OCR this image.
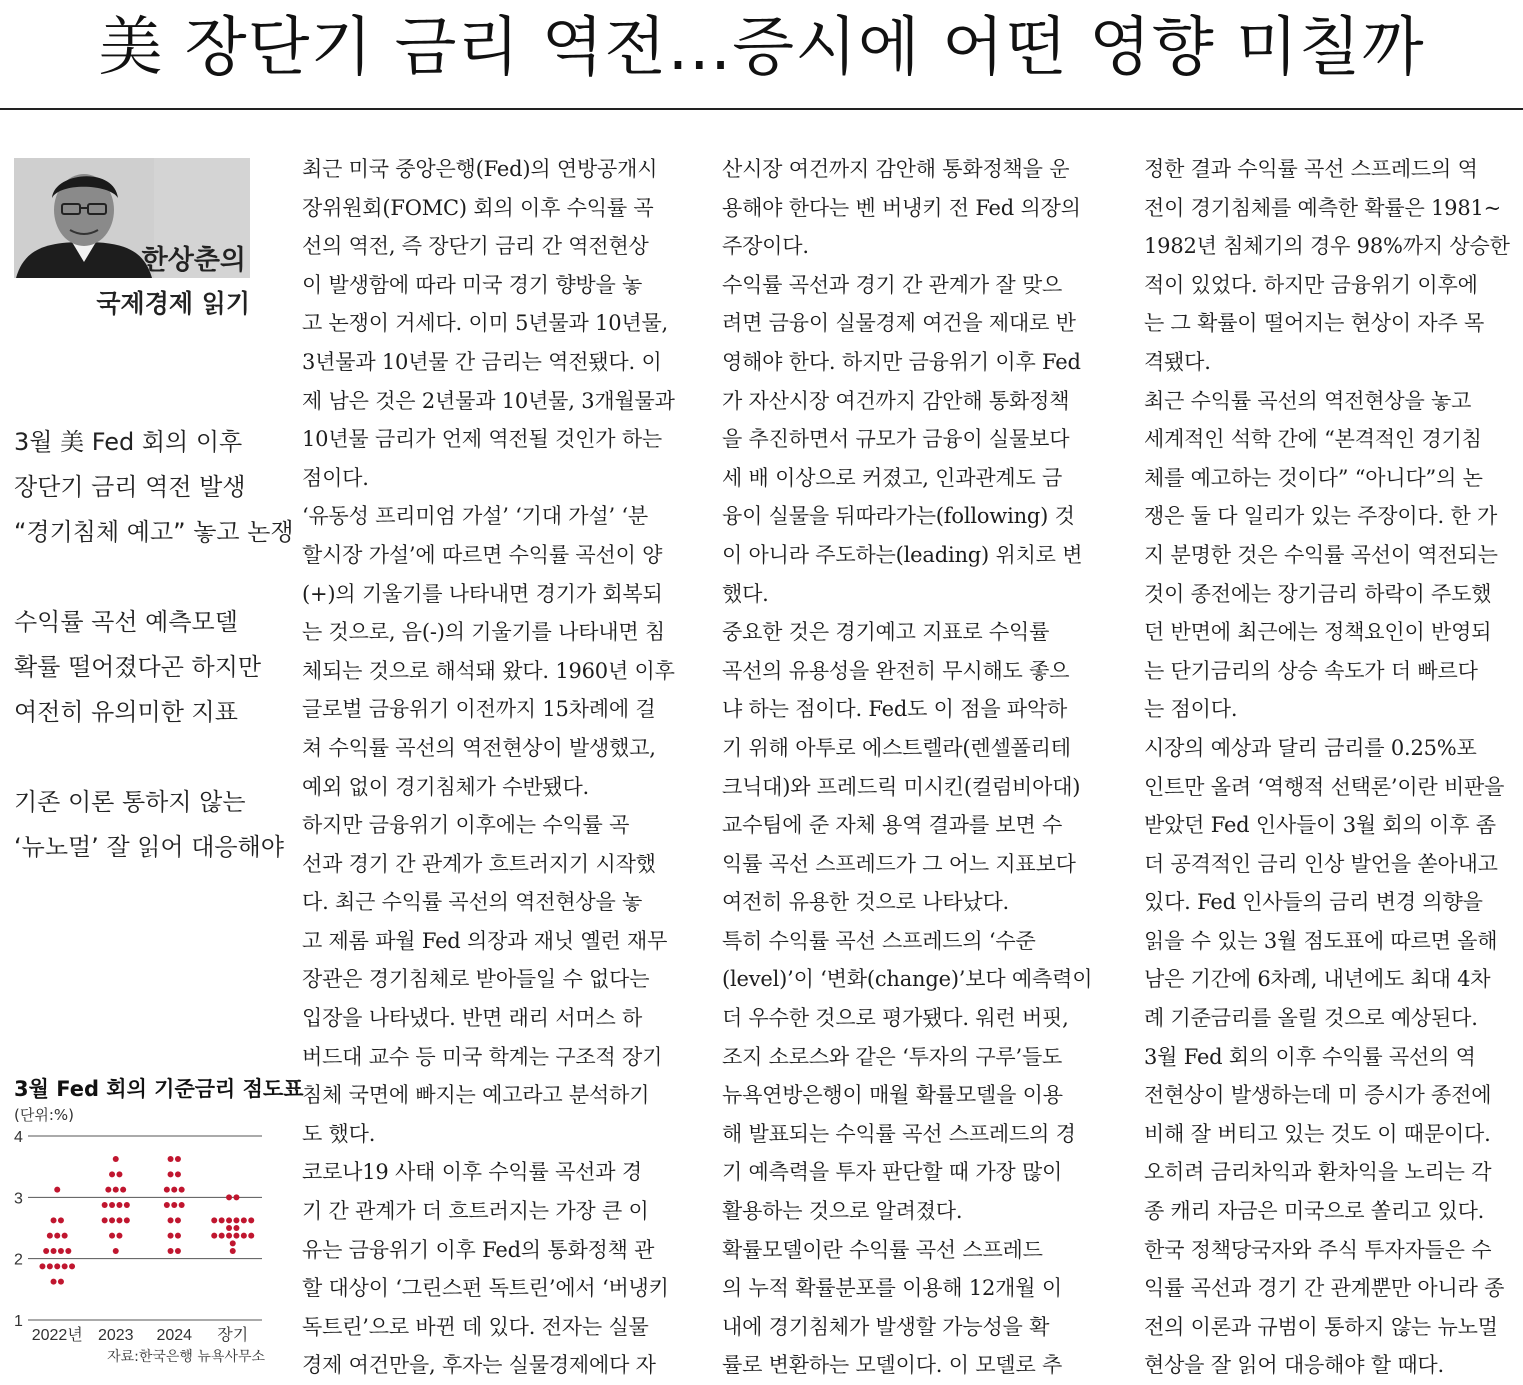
美 장단기 금리 역전…증시에 어떤 영향 미칠까
한상춘의
국제경제 읽기
3월 美 Fed 회의 이후
장단기 금리 역전 발생
“경기침체 예고” 놓고 논쟁
수익률 곡선 예측모델
확률 떨어졌다곤 하지만
여전히 유의미한 지표
기존 이론 통하지 않는
‘뉴노멀’ 잘 읽어 대응해야
3월 Fed 회의 기준금리 점도표
(단위:%)
1
2
3
4
2022년 2023 2024 장기
자료:한국은행 뉴욕사무소
최근 미국 중앙은행(Fed)의 연방공개시
장위원회(FOMC) 회의 이후 수익률 곡
선의 역전, 즉 장단기 금리 간 역전현상
이 발생함에 따라 미국 경기 향방을 놓
고 논쟁이 거세다. 이미 5년물과 10년물,
3년물과 10년물 간 금리는 역전됐다. 이
제 남은 것은 2년물과 10년물, 3개월물과
10년물 금리가 언제 역전될 것인가 하는
점이다.
‘유동성 프리미엄 가설’ ‘기대 가설’ ‘분
할시장 가설’에 따르면 수익률 곡선이 양
(+)의 기울기를 나타내면 경기가 회복되
는 것으로, 음(-)의 기울기를 나타내면 침
체되는 것으로 해석돼 왔다. 1960년 이후
글로벌 금융위기 이전까지 15차례에 걸
쳐 수익률 곡선의 역전현상이 발생했고,
예외 없이 경기침체가 수반됐다.
하지만 금융위기 이후에는 수익률 곡
선과 경기 간 관계가 흐트러지기 시작했
다. 최근 수익률 곡선의 역전현상을 놓
고 제롬 파월 Fed 의장과 재닛 옐런 재무
장관은 경기침체로 받아들일 수 없다는
입장을 나타냈다. 반면 래리 서머스 하
버드대 교수 등 미국 학계는 구조적 장기
침체 국면에 빠지는 예고라고 분석하기
도 했다.
코로나19 사태 이후 수익률 곡선과 경
기 간 관계가 더 흐트러지는 가장 큰 이
유는 금융위기 이후 Fed의 통화정책 관
할 대상이 ‘그린스펀 독트린’에서 ‘버냉키
독트린’으로 바뀐 데 있다. 전자는 실물
경제 여건만을, 후자는 실물경제에다 자
산시장 여건까지 감안해 통화정책을 운
용해야 한다는 벤 버냉키 전 Fed 의장의
주장이다.
수익률 곡선과 경기 간 관계가 잘 맞으
려면 금융이 실물경제 여건을 제대로 반
영해야 한다. 하지만 금융위기 이후 Fed
가 자산시장 여건까지 감안해 통화정책
을 추진하면서 규모가 금융이 실물보다
세 배 이상으로 커졌고, 인과관계도 금
융이 실물을 뒤따라가는(following) 것
이 아니라 주도하는(leading) 위치로 변
했다.
중요한 것은 경기예고 지표로 수익률
곡선의 유용성을 완전히 무시해도 좋으
냐 하는 점이다. Fed도 이 점을 파악하
기 위해 아투로 에스트렐라(렌셀폴리테
크닉대)와 프레드릭 미시킨(컬럼비아대)
교수팀에 준 자체 용역 결과를 보면 수
익률 곡선 스프레드가 그 어느 지표보다
여전히 유용한 것으로 나타났다.
특히 수익률 곡선 스프레드의 ‘수준
(level)’이 ‘변화(change)’보다 예측력이
더 우수한 것으로 평가됐다. 워런 버핏,
조지 소로스와 같은 ‘투자의 구루’들도
뉴욕연방은행이 매월 확률모델을 이용
해 발표되는 수익률 곡선 스프레드의 경
기 예측력을 투자 판단할 때 가장 많이
활용하는 것으로 알려졌다.
확률모델이란 수익률 곡선 스프레드
의 누적 확률분포를 이용해 12개월 이
내에 경기침체가 발생할 가능성을 확
률로 변환하는 모델이다. 이 모델로 추
정한 결과 수익률 곡선 스프레드의 역
전이 경기침체를 예측한 확률은 1981~
1982년 침체기의 경우 98%까지 상승한
적이 있었다. 하지만 금융위기 이후에
는 그 확률이 떨어지는 현상이 자주 목
격됐다.
최근 수익률 곡선의 역전현상을 놓고
세계적인 석학 간에 “본격적인 경기침
체를 예고하는 것이다” “아니다”의 논
쟁은 둘 다 일리가 있는 주장이다. 한 가
지 분명한 것은 수익률 곡선이 역전되는
것이 종전에는 장기금리 하락이 주도했
던 반면에 최근에는 정책요인이 반영되
는 단기금리의 상승 속도가 더 빠르다
는 점이다.
시장의 예상과 달리 금리를 0.25%포
인트만 올려 ‘역행적 선택론’이란 비판을
받았던 Fed 인사들이 3월 회의 이후 좀
더 공격적인 금리 인상 발언을 쏟아내고
있다. Fed 인사들의 금리 변경 의향을
읽을 수 있는 3월 점도표에 따르면 올해
남은 기간에 6차례, 내년에도 최대 4차
례 기준금리를 올릴 것으로 예상된다.
3월 Fed 회의 이후 수익률 곡선의 역
전현상이 발생하는데 미 증시가 종전에
비해 잘 버티고 있는 것도 이 때문이다.
오히려 금리차익과 환차익을 노리는 각
종 캐리 자금은 미국으로 쏠리고 있다.
한국 정책당국자와 주식 투자자들은 수
익률 곡선과 경기 간 관계뿐만 아니라 종
전의 이론과 규범이 통하지 않는 뉴노멀
현상을 잘 읽어 대응해야 할 때다.
